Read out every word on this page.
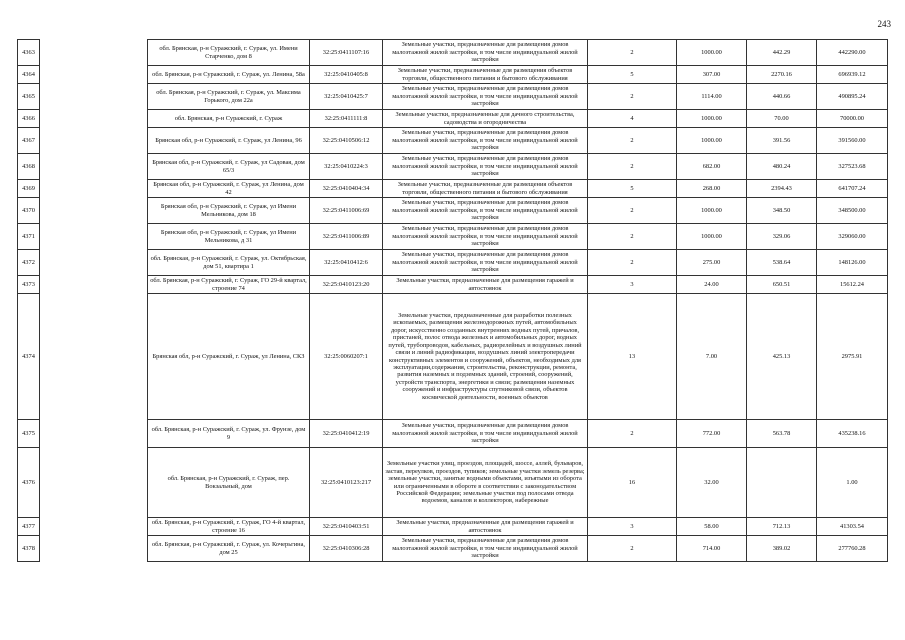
243
4363		обл. Брянская, р-н Суражский, г. Сураж, ул. Имени Старченко, дом 8	32:25:0411107:16	Земельные участки, предназначенные для размещения домов малоэтажной жилой застройки, в том числе индивидуальной жилой застройки	2	1000.00	442.29	442290.00
4364		обл. Брянская, р-н Суражский, г. Сураж, ул. Ленина, 58а	32:25:0410405:8	Земельные участки, предназначенные для размещения объектов торговли, общественного питания и бытового обслуживания	5	307.00	2270.16	696939.12
4365		обл. Брянская, р-н Суражский, г. Сураж, ул. Максима Горького, дом 22а	32:25:0410425:7	Земельные участки, предназначенные для размещения домов малоэтажной жилой застройки, в том числе индивидуальной жилой застройки	2	1114.00	440.66	490895.24
4366		обл. Брянская, р-н Суражский, г. Сураж	32:25:0411111:8	Земельные участки, предназначенные для дачного строительства, садоводства и огородничества	4	1000.00	70.00	70000.00
4367		Брянская обл, р-н Суражский, г. Сураж, ул Ленина, 96	32:25:0410506:12	Земельные участки, предназначенные для размещения домов малоэтажной жилой застройки, в том числе индивидуальной жилой застройки	2	1000.00	391.56	391560.00
4368		Брянская обл, р-н Суражский, г. Сураж, ул Садовая, дом 65/3	32:25:0410224:3	Земельные участки, предназначенные для размещения домов малоэтажной жилой застройки, в том числе индивидуальной жилой застройки	2	682.00	480.24	327523.68
4369		Брянская обл, р-н Суражский, г. Сураж, ул Ленина, дом 42	32:25:0410404:34	Земельные участки, предназначенные для размещения объектов торговли, общественного питания и бытового обслуживания	5	268.00	2394.43	641707.24
4370		Брянская обл, р-н Суражский, г. Сураж, ул Имени Мельникова, дом 18	32:25:0411006:69	Земельные участки, предназначенные для размещения домов малоэтажной жилой застройки, в том числе индивидуальной жилой застройки	2	1000.00	348.50	348500.00
4371		Брянская обл, р-н Суражский, г. Сураж, ул Имени Мельникова, д 31	32:25:0411006:89	Земельные участки, предназначенные для размещения домов малоэтажной жилой застройки, в том числе индивидуальной жилой застройки	2	1000.00	329.06	329060.00
4372		обл. Брянская, р-н Суражский, г. Сураж, ул. Октябрьская, дом 51, квартира 1	32:25:0410412:6	Земельные участки, предназначенные для размещения домов малоэтажной жилой застройки, в том числе индивидуальной жилой застройки	2	275.00	538.64	148126.00
4373		обл. Брянская, р-н Суражский, г. Сураж, ГО 29-й квартал, строение 74	32:25:0410123:20	Земельные участки, предназначенные для размещения гаражей и автостоянок	3	24.00	650.51	15612.24
4374		Брянская обл, р-н Суражский, г. Сураж, ул Ленина, СКЗ	32:25:0060207:1	Земельные участки, предназначенные для разработки полезных ископаемых, размещения железнодорожных путей, автомобильных дорог, искусственно созданных внутренних водных путей, причалов, пристаней, полос отвода железных и автомобильных дорог, водных путей, трубопроводов, кабельных, радиорелейных и воздушных линий связи и линий радиофикации, воздушных линий электропередачи конструктивных элементов и сооружений, объектов, необходимых для эксплуатации,содержания, строительства, реконструкции, ремонта, развития наземных и подземных зданий, строений, сооружений, устройств транспорта, энергетики и связи; размещения наземных сооружений и инфраструктуры спутниковой связи, объектов космической деятельности, военных объектов	13	7.00	425.13	2975.91
4375		обл. Брянская, р-н Суражский, г. Сураж, ул. Фрунзе, дом 9	32:25:0410412:19	Земельные участки, предназначенные для размещения домов малоэтажной жилой застройки, в том числе индивидуальной жилой застройки	2	772.00	563.78	435238.16
4376		обл. Брянская, р-н Суражский, г. Сураж, пер. Вокзальный, дом	32:25:0410123:217	Земельные участки улиц, проездов, площадей, шоссе, аллей, бульваров, застав, переулков, проездов, тупиков; земельные участки земель резерва; земельные участки, занятые водными объектами, изъятыми из оборота или ограниченными в обороте в соответствии с законодательством Российской Федерации; земельные участки под полосами отвода водоемов, каналов и коллекторов, набережные	16	32.00		1.00
4377		обл. Брянская, р-н Суражский, г. Сураж, ГО 4-й квартал, строение 16	32:25:0410403:51	Земельные участки, предназначенные для размещения гаражей и автостоянок	3	58.00	712.13	41303.54
4378		обл. Брянская, р-н Суражский, г. Сураж, ул. Кочерьгина, дом 25	32:25:0410306:28	Земельные участки, предназначенные для размещения домов малоэтажной жилой застройки, в том числе индивидуальной жилой застройки	2	714.00	389.02	277760.28
